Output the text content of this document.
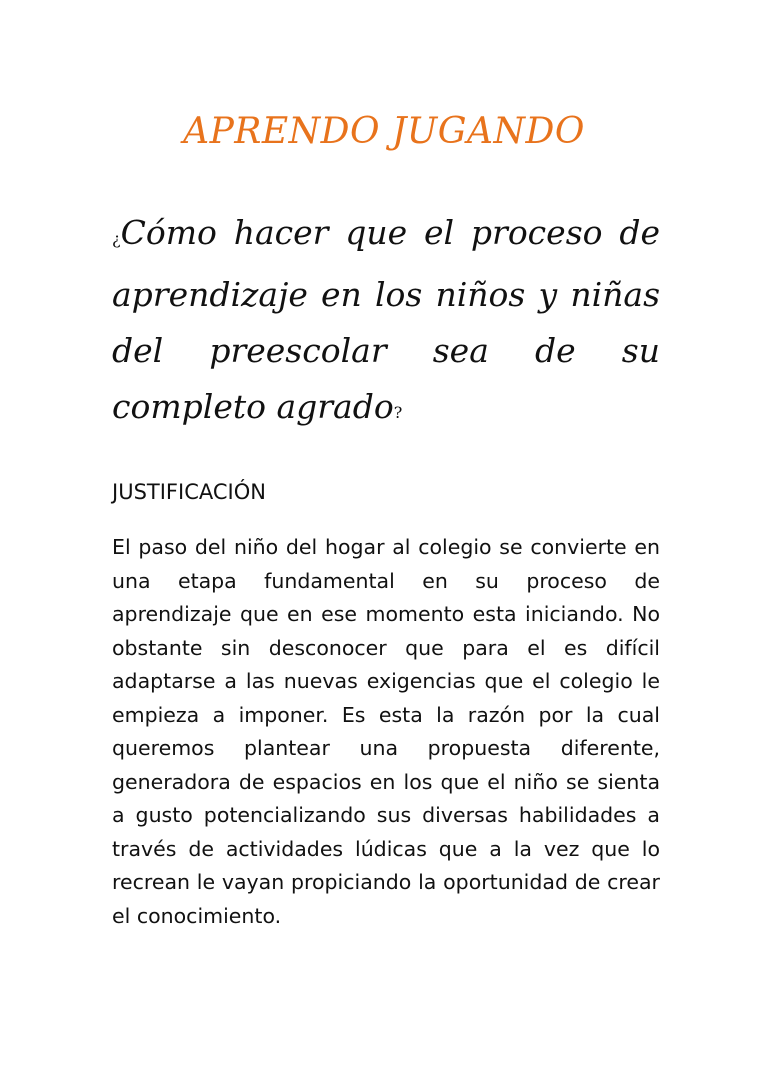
APRENDO JUGANDO

¿Cómo hacer que el proceso de aprendizaje en los niños y niñas del preescolar sea de su completo agrado?

JUSTIFICACIÓN

El paso del niño del hogar al colegio se convierte en una etapa fundamental en su proceso de aprendizaje que en ese momento esta iniciando. No obstante sin desconocer que para el es difícil adaptarse a las nuevas exigencias que el colegio le empieza a imponer. Es esta la razón por la cual queremos plantear una propuesta diferente, generadora de espacios en los que el niño se sienta a gusto potencializando sus diversas habilidades a través de actividades lúdicas que a la vez que lo recrean le vayan propiciando la oportunidad de crear el conocimiento.
